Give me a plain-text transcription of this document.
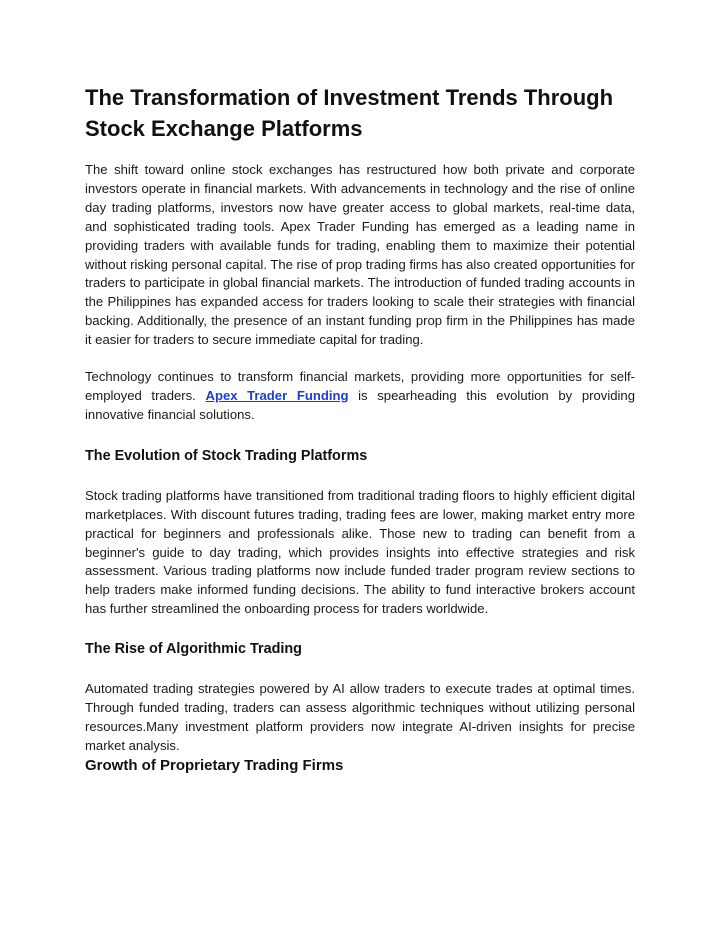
The Transformation of Investment Trends Through Stock Exchange Platforms

The shift toward online stock exchanges has restructured how both private and corporate investors operate in financial markets. With advancements in technology and the rise of online day trading platforms, investors now have greater access to global markets, real-time data, and sophisticated trading tools. Apex Trader Funding has emerged as a leading name in providing traders with available funds for trading, enabling them to maximize their potential without risking personal capital. The rise of prop trading firms has also created opportunities for traders to participate in global financial markets. The introduction of funded trading accounts in the Philippines has expanded access for traders looking to scale their strategies with financial backing. Additionally, the presence of an instant funding prop firm in the Philippines has made it easier for traders to secure immediate capital for trading.

Technology continues to transform financial markets, providing more opportunities for self-employed traders. Apex Trader Funding is spearheading this evolution by providing innovative financial solutions.

The Evolution of Stock Trading Platforms

Stock trading platforms have transitioned from traditional trading floors to highly efficient digital marketplaces. With discount futures trading, trading fees are lower, making market entry more practical for beginners and professionals alike. Those new to trading can benefit from a beginner's guide to day trading, which provides insights into effective strategies and risk assessment. Various trading platforms now include funded trader program review sections to help traders make informed funding decisions. The ability to fund interactive brokers account has further streamlined the onboarding process for traders worldwide.

The Rise of Algorithmic Trading

Automated trading strategies powered by AI allow traders to execute trades at optimal times. Through funded trading, traders can assess algorithmic techniques without utilizing personal resources.Many investment platform providers now integrate AI-driven insights for precise market analysis.

Growth of Proprietary Trading Firms
